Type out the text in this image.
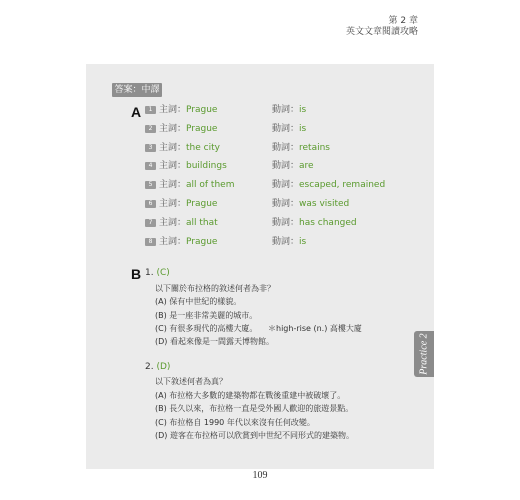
第 2 章
英文文章閱讀攻略
答案：中譯
A	1 主詞：Prague	動詞：is
2 主詞：Prague	動詞：is
3 主詞：the city	動詞：retains
4 主詞：buildings	動詞：are
5 主詞：all of them	動詞：escaped, remained
6 主詞：Prague	動詞：was visited
7 主詞：all that	動詞：has changed
8 主詞：Prague	動詞：is
B 1. (C)
以下關於布拉格的敘述何者為非？
(A) 保有中世紀的樣貌。
(B) 是一座非常美麗的城市。
(C) 有很多現代的高樓大廈。 ＊high-rise (n.) 高樓大廈
(D) 看起來像是一間露天博物館。
2. (D)
以下敘述何者為真？
(A) 布拉格大多數的建築物都在戰後重建中被破壞了。
(B) 長久以來，布拉格一直是受外國人歡迎的旅遊景點。
(C) 布拉格自 1990 年代以來沒有任何改變。
(D) 遊客在布拉格可以欣賞到中世紀不同形式的建築物。
Practice 2
109
